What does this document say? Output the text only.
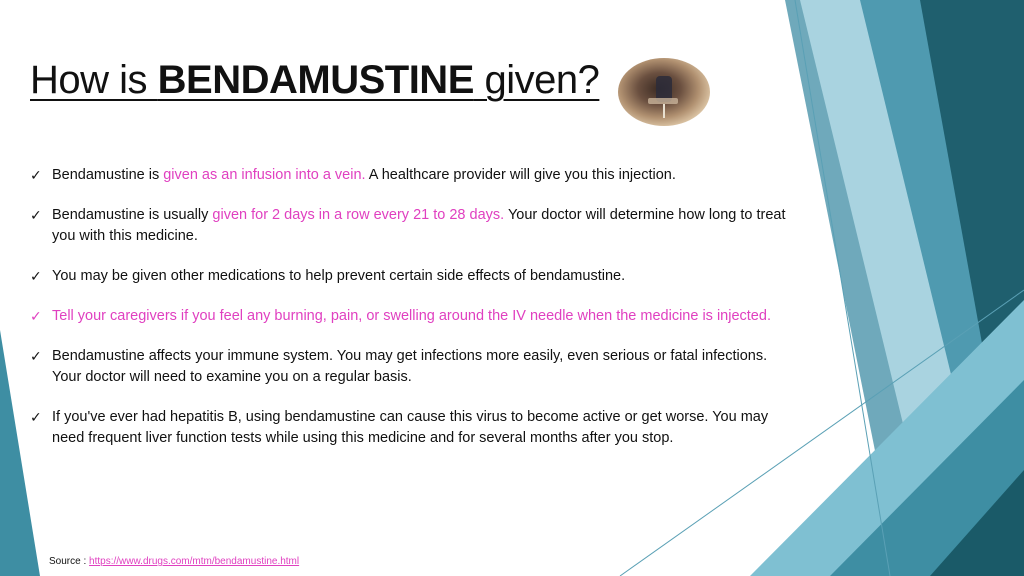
How is BENDAMUSTINE given?
✓ Bendamustine is given as an infusion into a vein. A healthcare provider will give you this injection.
✓ Bendamustine is usually given for 2 days in a row every 21 to 28 days. Your doctor will determine how long to treat you with this medicine.
✓ You may be given other medications to help prevent certain side effects of bendamustine.
✓ Tell your caregivers if you feel any burning, pain, or swelling around the IV needle when the medicine is injected.
✓ Bendamustine affects your immune system. You may get infections more easily, even serious or fatal infections. Your doctor will need to examine you on a regular basis.
✓ If you've ever had hepatitis B, using bendamustine can cause this virus to become active or get worse. You may need frequent liver function tests while using this medicine and for several months after you stop.
Source : https://www.drugs.com/mtm/bendamustine.html
